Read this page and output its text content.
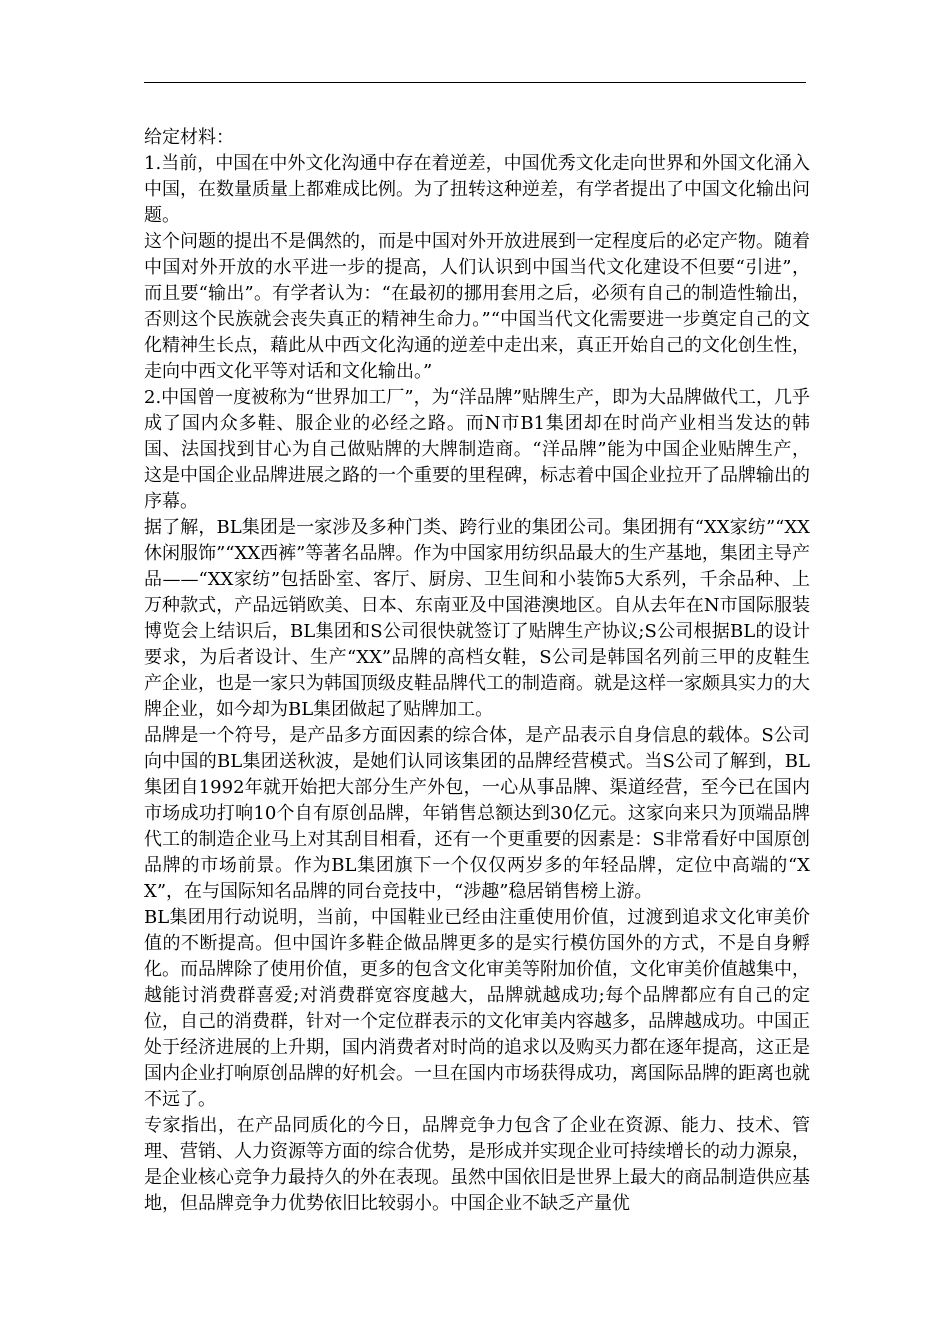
给定材料：

1.当前，中国在中外文化沟通中存在着逆差，中国优秀文化走向世界和外国文化涌入中国，在数量质量上都难成比例。为了扭转这种逆差，有学者提出了中国文化输出问题。

这个问题的提出不是偶然的，而是中国对外开放进展到一定程度后的必定产物。随着中国对外开放的水平进一步的提高，人们认识到中国当代文化建设不但要“引进”，而且要“输出”。有学者认为：“在最初的挪用套用之后，必须有自己的制造性输出，否则这个民族就会丧失真正的精神生命力。”“中国当代文化需要进一步奠定自己的文化精神生长点，藉此从中西文化沟通的逆差中走出来，真正开始自己的文化创生性，走向中西文化平等对话和文化输出。”

2.中国曾一度被称为“世界加工厂”，为“洋品牌”贴牌生产，即为大品牌做代工，几乎成了国内众多鞋、服企业的必经之路。而N市B1集团却在时尚产业相当发达的韩国、法国找到甘心为自己做贴牌的大牌制造商。“洋品牌”能为中国企业贴牌生产，这是中国企业品牌进展之路的一个重要的里程碑，标志着中国企业拉开了品牌输出的序幕。

据了解，BL集团是一家涉及多种门类、跨行业的集团公司。集团拥有“XX家纺”“XX休闲服饰”“XX西裤”等著名品牌。作为中国家用纺织品最大的生产基地，集团主导产品——“XX家纺”包括卧室、客厅、厨房、卫生间和小装饰5大系列，千余品种、上万种款式，产品远销欧美、日本、东南亚及中国港澳地区。自从去年在N市国际服装博览会上结识后，BL集团和S公司很快就签订了贴牌生产协议;S公司根据BL的设计要求，为后者设计、生产“XX”品牌的高档女鞋，S公司是韩国名列前三甲的皮鞋生产企业，也是一家只为韩国顶级皮鞋品牌代工的制造商。就是这样一家颇具实力的大牌企业，如今却为BL集团做起了贴牌加工。

品牌是一个符号，是产品多方面因素的综合体，是产品表示自身信息的载体。S公司向中国的BL集团送秋波，是她们认同该集团的品牌经营模式。当S公司了解到，BL集团自1992年就开始把大部分生产外包，一心从事品牌、渠道经营，至今已在国内市场成功打响10个自有原创品牌，年销售总额达到30亿元。这家向来只为顶端品牌代工的制造企业马上对其刮目相看，还有一个更重要的因素是：S非常看好中国原创品牌的市场前景。作为BL集团旗下一个仅仅两岁多的年轻品牌，定位中高端的“XX”，在与国际知名品牌的同台竞技中，“涉趣”稳居销售榜上游。

BL集团用行动说明，当前，中国鞋业已经由注重使用价值，过渡到追求文化审美价值的不断提高。但中国许多鞋企做品牌更多的是实行模仿国外的方式，不是自身孵化。而品牌除了使用价值，更多的包含文化审美等附加价值，文化审美价值越集中，越能讨消费群喜爱;对消费群宽容度越大，品牌就越成功;每个品牌都应有自己的定位，自己的消费群，针对一个定位群表示的文化审美内容越多，品牌越成功。中国正处于经济进展的上升期，国内消费者对时尚的追求以及购买力都在逐年提高，这正是国内企业打响原创品牌的好机会。一旦在国内市场获得成功，离国际品牌的距离也就不远了。

专家指出，在产品同质化的今日，品牌竞争力包含了企业在资源、能力、技术、管理、营销、人力资源等方面的综合优势，是形成并实现企业可持续增长的动力源泉，是企业核心竞争力最持久的外在表现。虽然中国依旧是世界上最大的商品制造供应基地，但品牌竞争力优势依旧比较弱小。中国企业不缺乏产量优
